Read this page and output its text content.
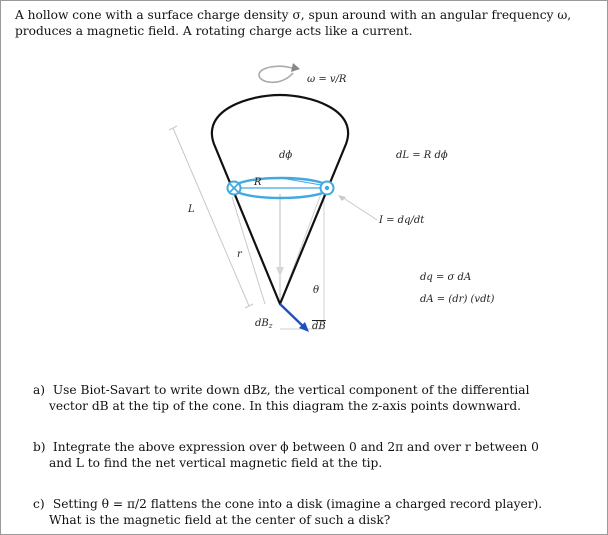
A hollow cone with a surface charge density σ, spun around with an angular frequency ω, produces a magnetic field. A rotating charge acts like a current.

ω = v/R
dϕ
R
L
r
θ
$dB_z$	dB
dL = R dϕ
I = dq/dt
dq = σ dA
dA = (dr) (vdt)

a) Use Biot-Savart to write down dBz, the vertical component of the differential vector dB at the tip of the cone. In this diagram the z-axis points downward.

b) Integrate the above expression over ϕ between 0 and 2π and over r between 0 and L to find the net vertical magnetic field at the tip.

c) Setting θ = π/2 flattens the cone into a disk (imagine a charged record player). What is the magnetic field at the center of such a disk?
